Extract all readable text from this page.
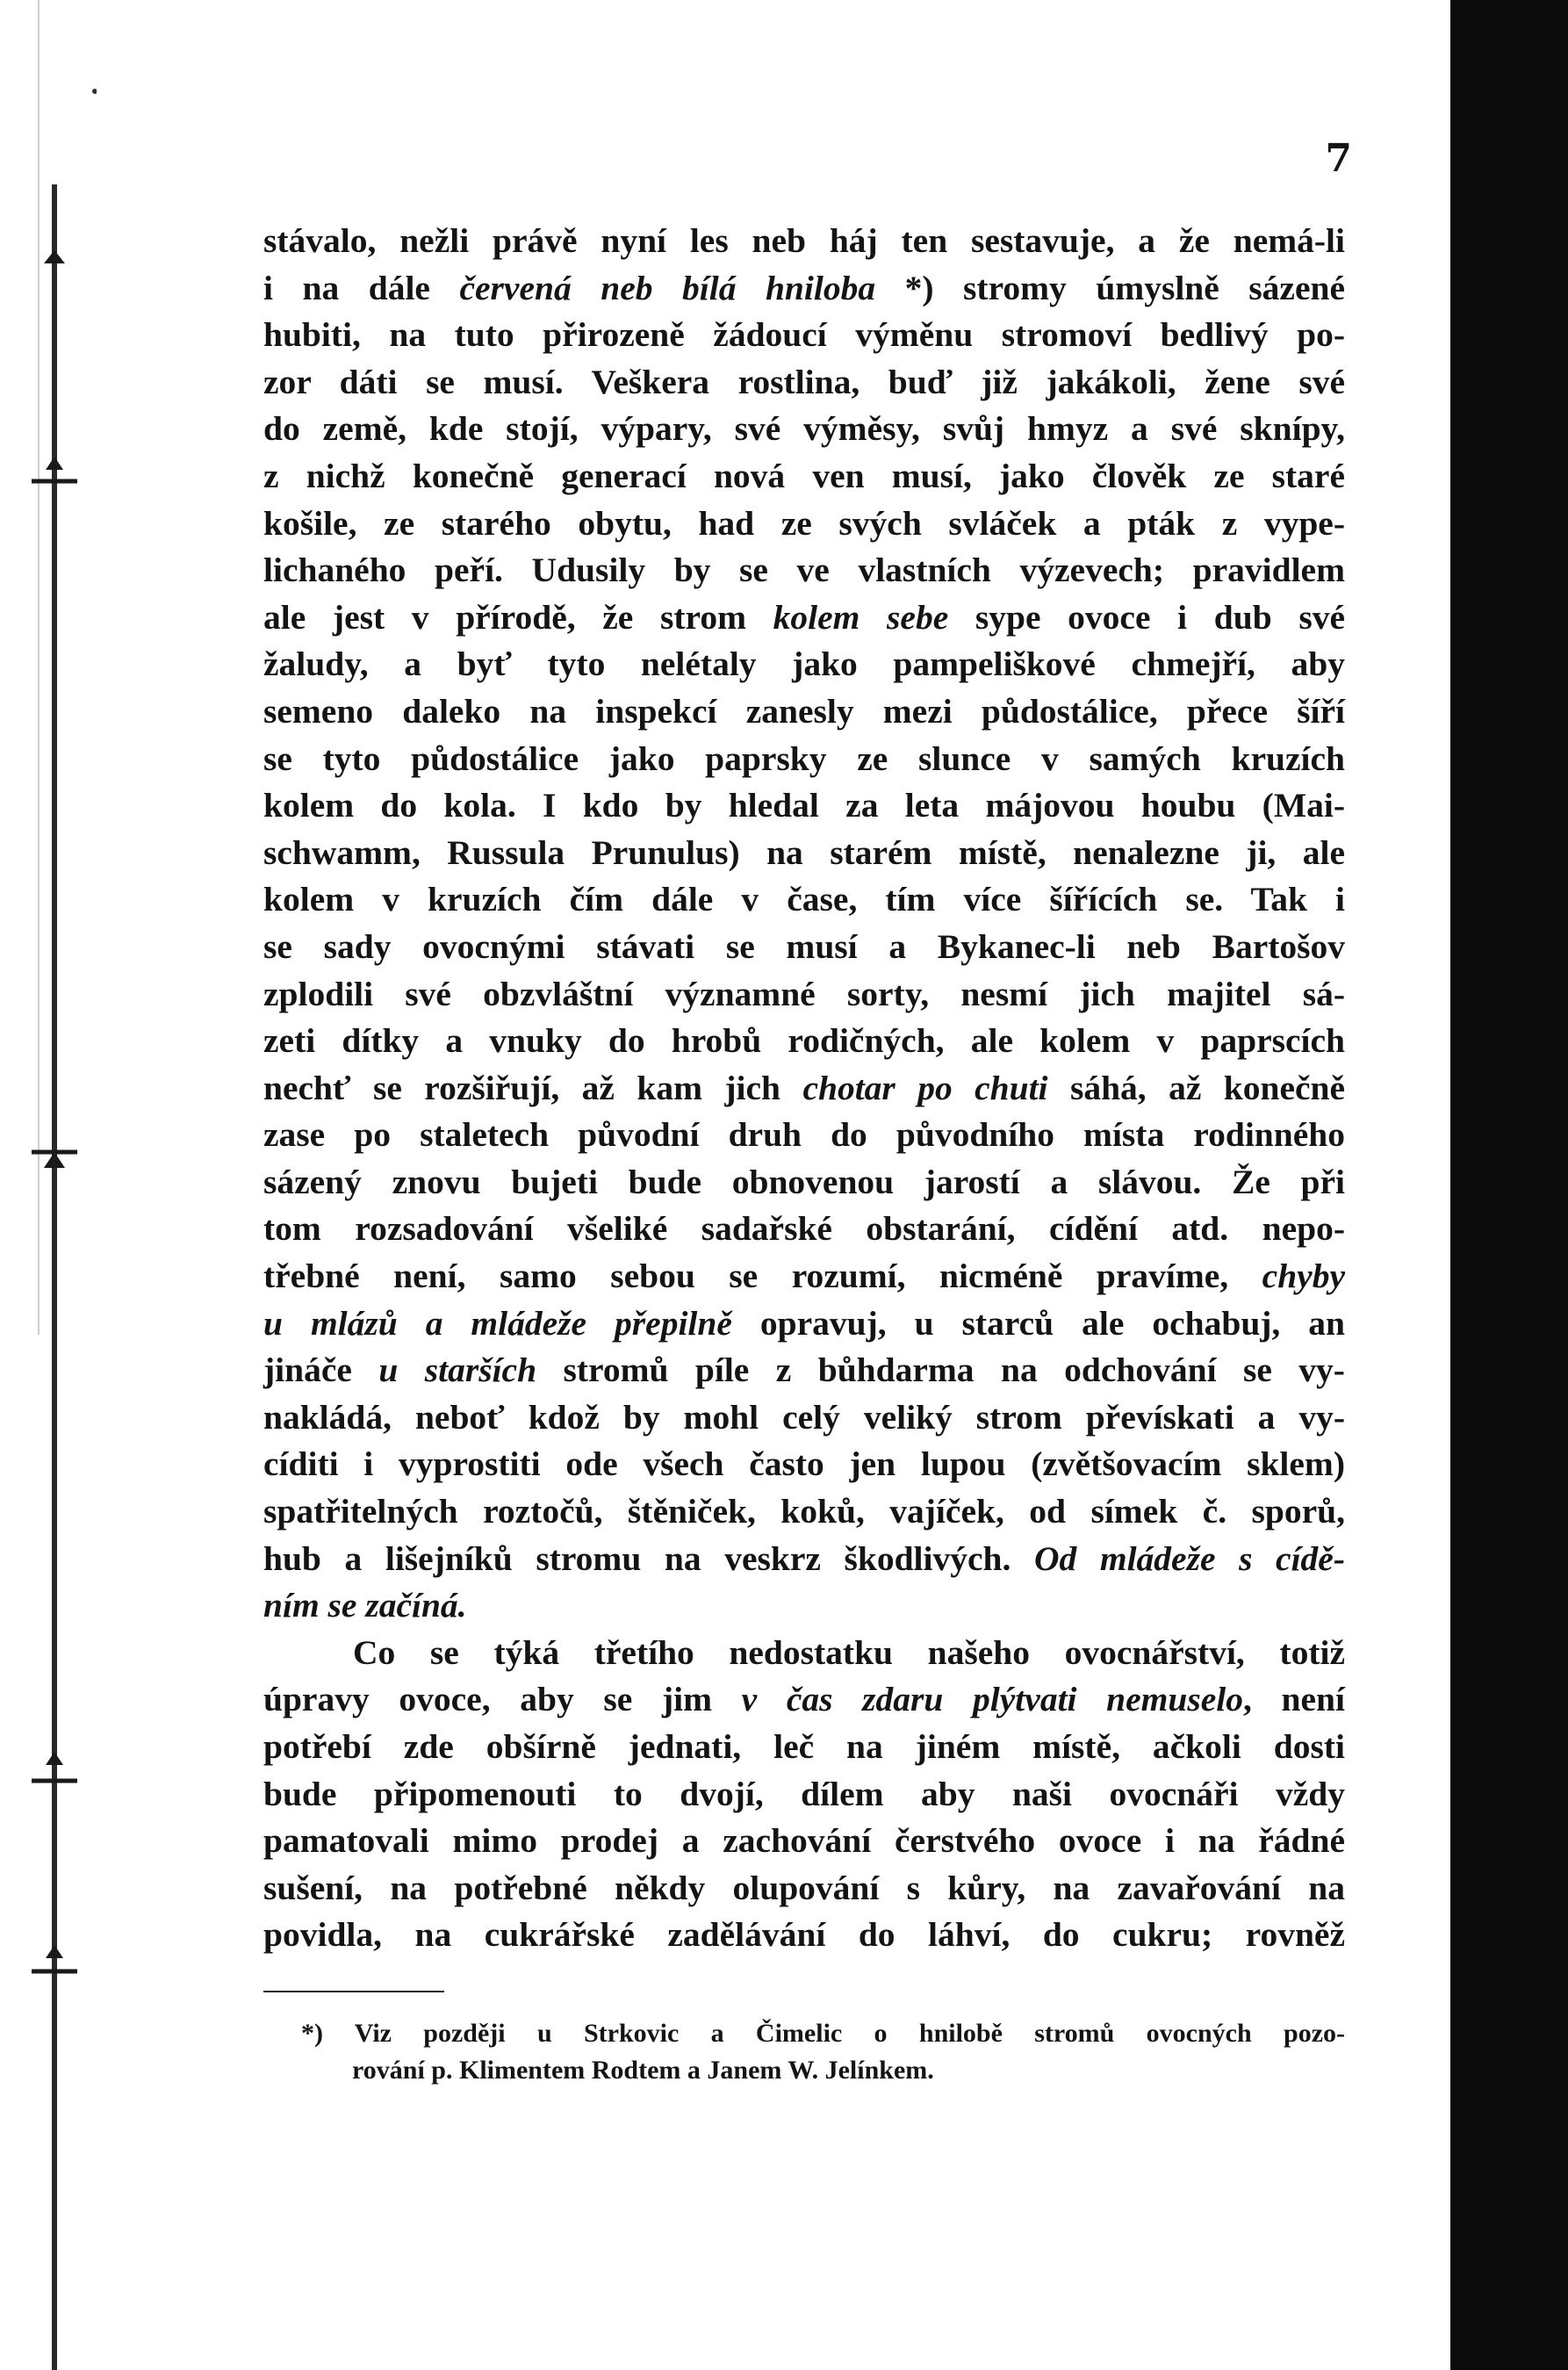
7
stávalo, nežli právě nyní les neb háj ten sestavuje, a že nemá-li
i na dále červená neb bílá hniloba *) stromy úmyslně sázené
hubiti, na tuto přirozeně žádoucí výměnu stromoví bedlivý po-
zor dáti se musí. Veškera rostlina, buď již jakákoli, žene své
do země, kde stojí, výpary, své výměsy, svůj hmyz a své sknípy,
z nichž konečně generací nová ven musí, jako člověk ze staré
košile, ze starého obytu, had ze svých svláček a pták z vype-
lichaného peří. Udusily by se ve vlastních výzevech; pravidlem
ale jest v přírodě, že strom kolem sebe sype ovoce i dub své
žaludy, a byť tyto nelétaly jako pampeliškové chmejří, aby
semeno daleko na inspekcí zanesly mezi půdostálice, přece šíří
se tyto půdostálice jako paprsky ze slunce v samých kruzích
kolem do kola. I kdo by hledal za leta májovou houbu (Mai-
schwamm, Russula Prunulus) na starém místě, nenalezne ji, ale
kolem v kruzích čím dále v čase, tím více šířících se. Tak i
se sady ovocnými stávati se musí a Bykanec-li neb Bartošov
zplodili své obzvláštní významné sorty, nesmí jich majitel sá-
zeti dítky a vnuky do hrobů rodičných, ale kolem v paprscích
nechť se rozšiřují, až kam jich chotar po chuti sáhá, až konečně
zase po staletech původní druh do původního místa rodinného
sázený znovu bujeti bude obnovenou jarostí a slávou. Že při
tom rozsadování všeliké sadařské obstarání, cídění atd. nepo-
třebné není, samo sebou se rozumí, nicméně pravíme, chyby
u mlázů a mládeže přepilně opravuj, u starců ale ochabuj, an
jináče u starších stromů píle z bůhdarma na odchování se vy-
nakládá, neboť kdož by mohl celý veliký strom převískati a vy-
cíditi i vyprostiti ode všech často jen lupou (zvětšovacím sklem)
spatřitelných roztočů, štěniček, koků, vajíček, od símek č. sporů,
hub a lišejníků stromu na veskrz škodlivých. Od mládeže s cídě-
ním se začíná.
Co se týká třetího nedostatku našeho ovocnářství, totiž
úpravy ovoce, aby se jim v čas zdaru plýtvati nemuselo, není
potřebí zde obšírně jednati, leč na jiném místě, ačkoli dosti
bude připomenouti to dvojí, dílem aby naši ovocnáři vždy
pamatovali mimo prodej a zachování čerstvého ovoce i na řádné
sušení, na potřebné někdy olupování s kůry, na zavařování na
povidla, na cukrářské zadělávání do láhví, do cukru; rovněž
*) Viz později u Strkovic a Čimelic o hnilobě stromů ovocných pozo-
rování p. Klimentem Rodtem a Janem W. Jelínkem.
